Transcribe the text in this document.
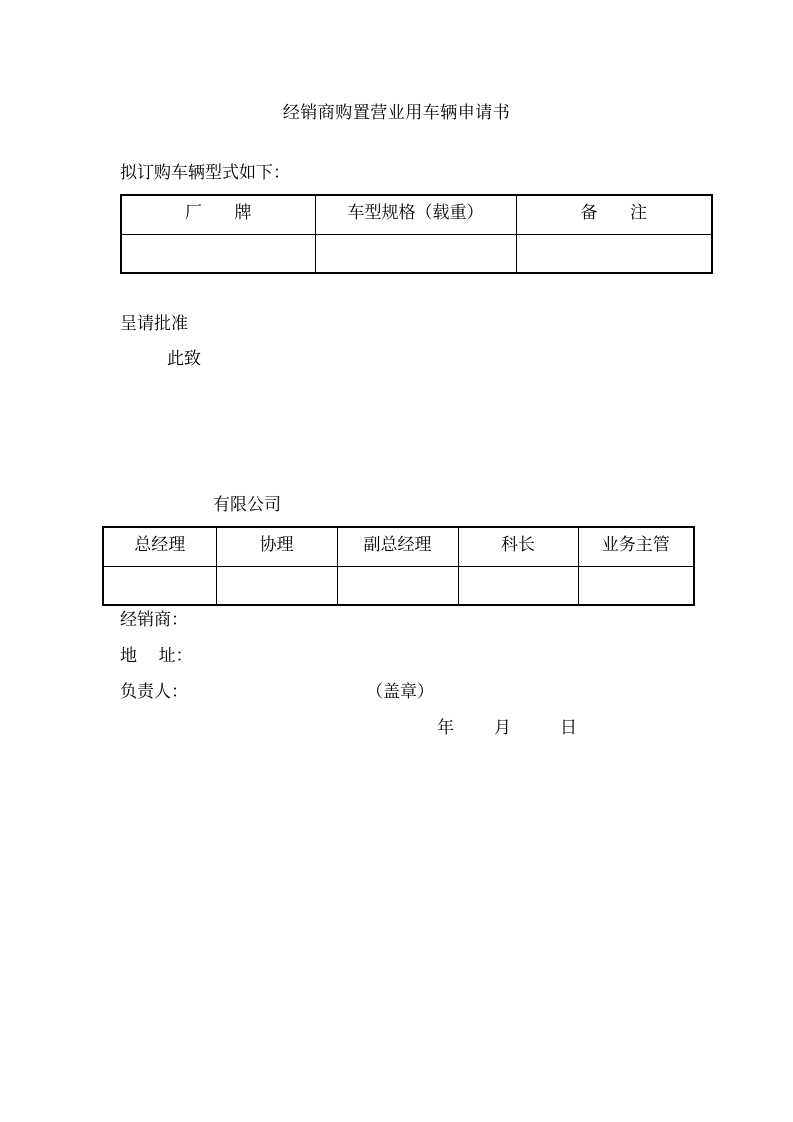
经销商购置营业用车辆申请书
拟订购车辆型式如下：
厂      牌	车型规格（载重）	备      注

呈请批准
此致
有限公司
总经理	协理	副总经理	科长	业务主管

经销商：
地    址：
负责人：	（盖章）
年 月	日
